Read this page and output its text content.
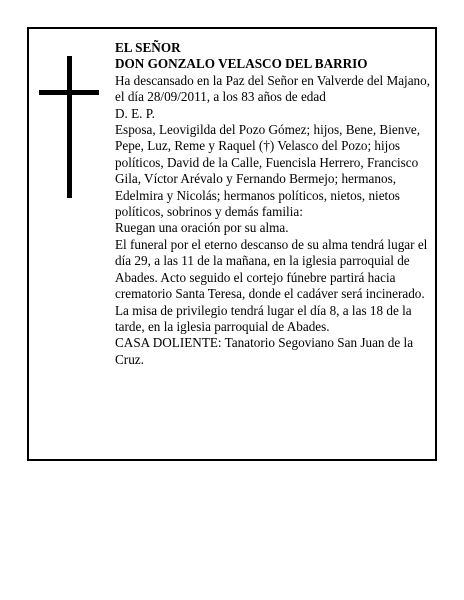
EL SEÑOR

DON GONZALO VELASCO DEL BARRIO

Ha descansado en la Paz del Señor en Valverde del Majano, el día 28/09/2011, a los 83 años de edad

D. E. P.

Esposa, Leovigilda del Pozo Gómez; hijos, Bene, Bienve, Pepe, Luz, Reme y Raquel (†) Velasco del Pozo; hijos políticos, David de la Calle, Fuencisla Herrero, Francisco Gila, Víctor Arévalo y Fernando Bermejo; hermanos, Edelmira y Nicolás; hermanos políticos, nietos, nietos políticos, sobrinos y demás familia:

Ruegan una oración por su alma.

El funeral por el eterno descanso de su alma tendrá lugar el día 29, a las 11 de la mañana, en la iglesia parroquial de Abades. Acto seguido el cortejo fúnebre partirá hacia crematorio Santa Teresa, donde el cadáver será incinerado. La misa de privilegio tendrá lugar el día 8, a las 18 de la tarde, en la iglesia parroquial de Abades.

CASA DOLIENTE: Tanatorio Segoviano San Juan de la Cruz.
